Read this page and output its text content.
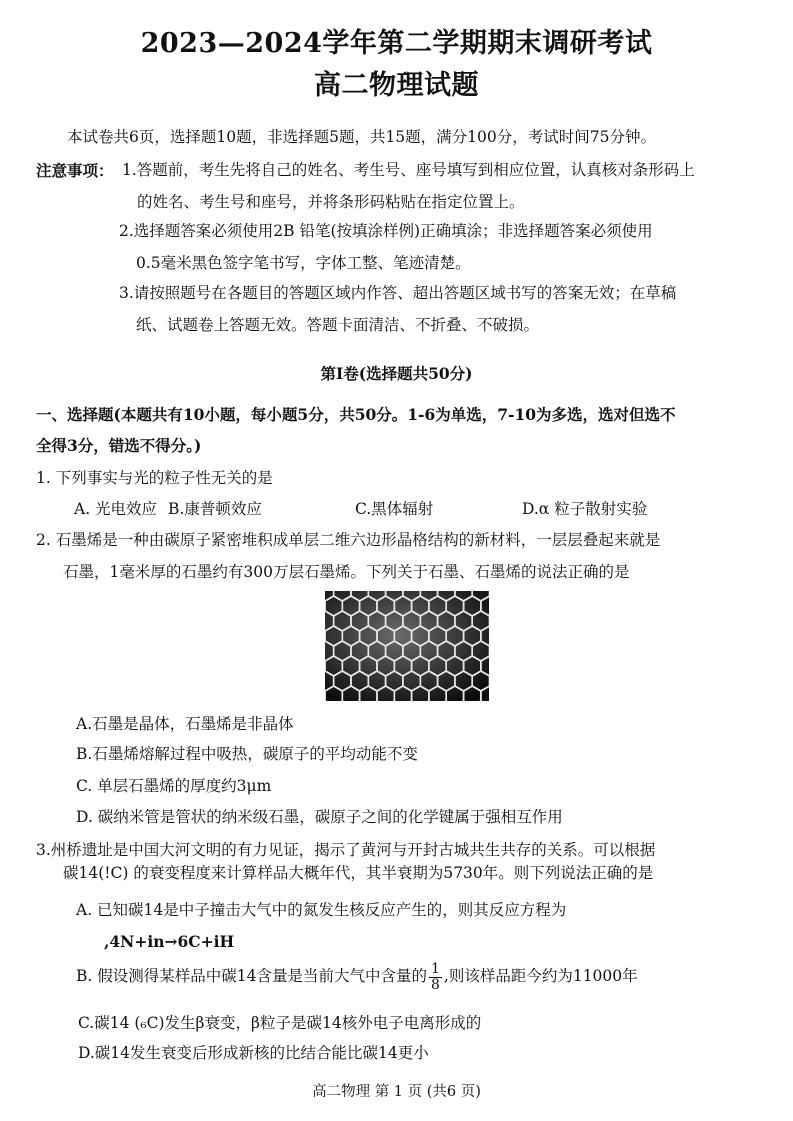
2023—2024学年第二学期期末调研考试
高二物理试题
本试卷共6页，选择题10题，非选择题5题，共15题，满分100分，考试时间75分钟。
注意事项： 1.答题前，考生先将自己的姓名、考生号、座号填写到相应位置，认真核对条形码上
的姓名、考生号和座号，并将条形码粘贴在指定位置上。
2.选择题答案必须使用2B 铅笔(按填涂样例)正确填涂；非选择题答案必须使用
0.5毫米黑色签字笔书写，字体工整、笔迹清楚。
3.请按照题号在各题目的答题区域内作答、超出答题区域书写的答案无效；在草稿
纸、试题卷上答题无效。答题卡面清洁、不折叠、不破损。
第I卷(选择题共50分)
一、选择题(本题共有10小题，每小题5分，共50分。1-6为单选，7-10为多选，选对但选不
全得3分，错选不得分。)
1. 下列事实与光的粒子性无关的是
A. 光电效应 B.康普顿效应	C.黑体辐射	D.α 粒子散射实验
2. 石墨烯是一种由碳原子紧密堆积成单层二维六边形晶格结构的新材料，一层层叠起来就是
石墨，1毫米厚的石墨约有300万层石墨烯。下列关于石墨、石墨烯的说法正确的是
A.石墨是晶体，石墨烯是非晶体
B.石墨烯熔解过程中吸热，碳原子的平均动能不变
C. 单层石墨烯的厚度约3μm
D. 碳纳米管是管状的纳米级石墨，碳原子之间的化学键属于强相互作用
3.州桥遗址是中国大河文明的有力见证，揭示了黄河与开封古城共生共存的关系。可以根据
碳14(!C) 的衰变程度来计算样品大概年代，其半衰期为5730年。则下列说法正确的是
A. 已知碳14是中子撞击大气中的氮发生核反应产生的，则其反应方程为
,4N+in→6C+iH
B. 假设测得某样品中碳14含量是当前大气中含量的 $\frac{1}{8}$ ,则该样品距今约为11000年
C.碳14 (₆C)发生β衰变，β粒子是碳14核外电子电离形成的
D.碳14发生衰变后形成新核的比结合能比碳14更小
高二物理 第 1 页 (共6 页)
